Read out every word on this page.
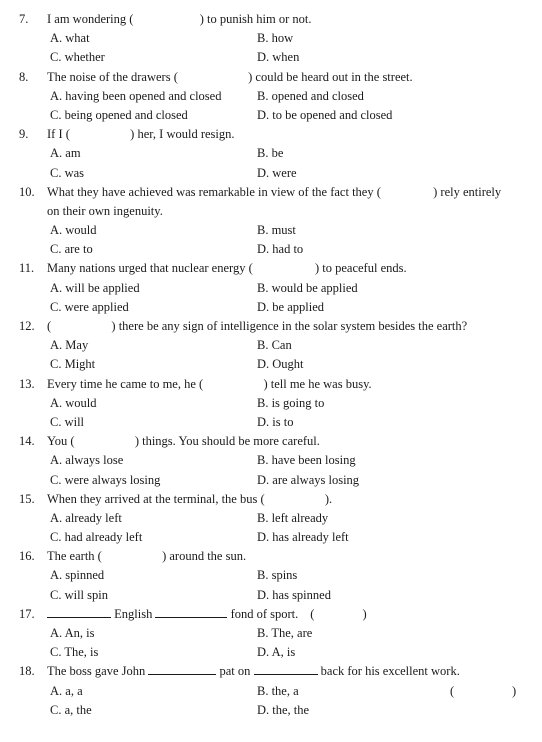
7.	I am wondering (	) to punish him or not.
A. what	B. how
C. whether	D. when
8.	The noise of the drawers (	) could be heard out in the street.
A. having been opened and closed	B. opened and closed
C. being opened and closed	D. to be opened and closed
9.	If I (	) her, I would resign.
A. am	B. be
C. was	D. were
10. What they have achieved was remarkable in view of the fact they (	) rely entirely
on their own ingenuity.
A. would	B. must
C. are to	D. had to
11.	Many nations urged that nuclear energy (	) to peaceful ends.
A. will be applied	B. would be applied
C. were applied	D. be applied
12. (	) there be any sign of intelligence in the solar system besides the earth?
A. May	B. Can
C. Might	D. Ought
13. Every time he came to me, he (	) tell me he was busy.
A. would	B. is going to
C. will	D. is to
14. You (	) things. You should be more careful.
A. always lose	B. have been losing
C. were always losing	D. are always losing
15. When they arrived at the terminal, the bus (	).
A. already left	B. left already
C. had already left	D. has already left
16. The earth (	) around the sun.
A. spinned	B. spins
C. will spin	D. has spinned
17.	English	fond of sport. (	)
A. An, is	B. The, are
C. The, is	D. A, is
18. The boss gave John	pat on	back for his excellent work.
A. a, a	B. the, a	(	)
C. a, the	D. the, the
